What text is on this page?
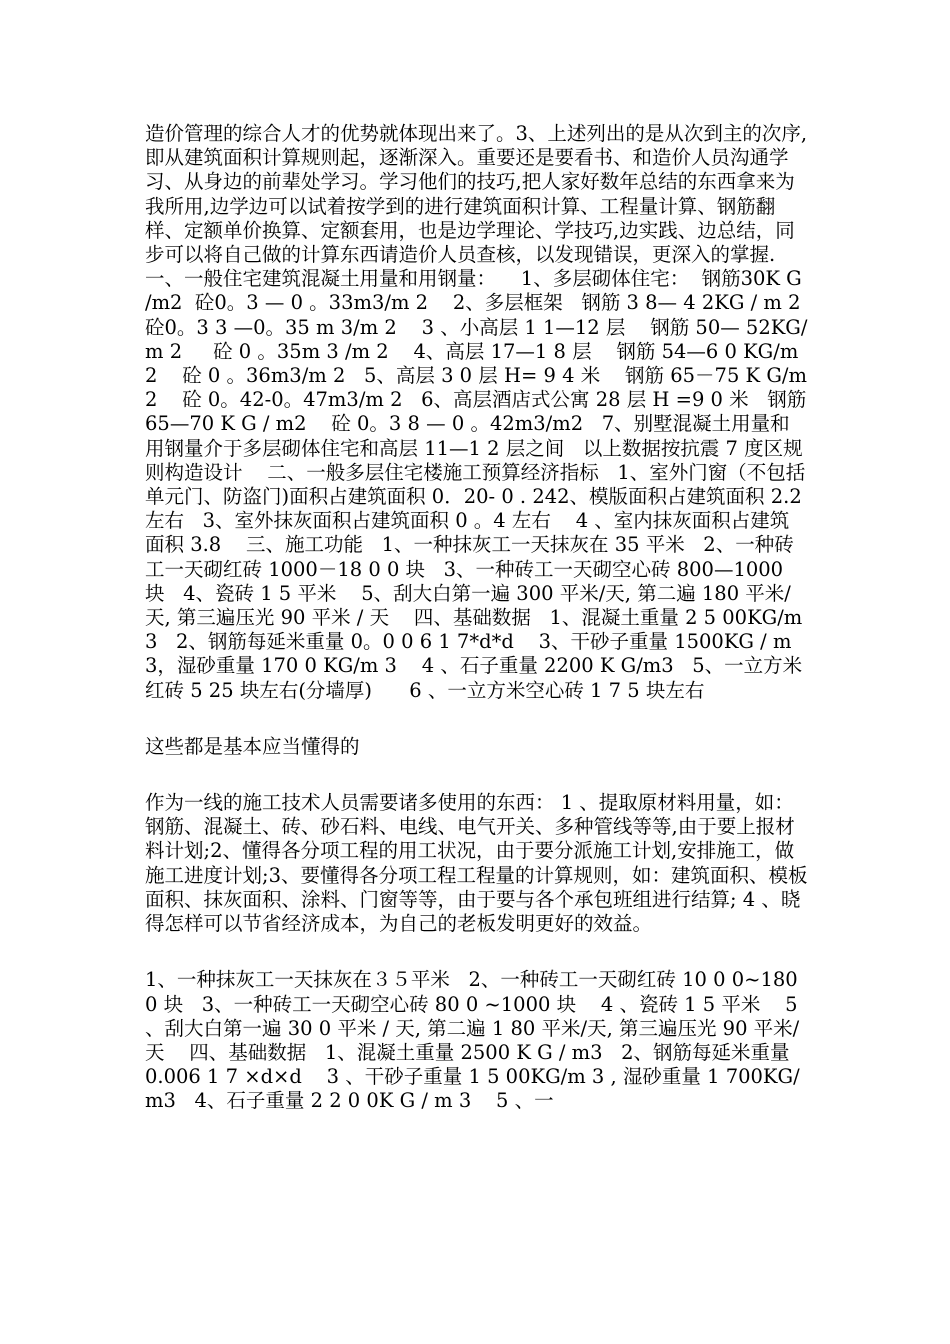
造价管理的综合人才的优势就体现出来了。3、上述列出的是从次到主的次序,即从建筑面积计算规则起，逐渐深入。重要还是要看书、和造价人员沟通学习、从身边的前辈处学习。学习他们的技巧,把人家好数年总结的东西拿来为我所用,边学边可以试着按学到的进行建筑面积计算、工程量计算、钢筋翻样、定额单价换算、定额套用，也是边学理论、学技巧,边实践、边总结，同步可以将自己做的计算东西请造价人员查核，以发现错误，更深入的掌握.一、一般住宅建筑混凝土用量和用钢量：    1、多层砌体住宅：  钢筋30K G /m2  砼0。3 — 0 。33m3/m 2    2、多层框架   钢筋 3 8— 4 2KG / m 2    砼0。3 3 —0。35 m 3/m 2    3 、小高层 1 1—12 层    钢筋 50— 52KG/m 2     砼 0 。35m 3 /m 2    4、高层 17—1 8 层    钢筋 54—6 0 KG/m 2    砼 0 。36m3/m 2   5、高层 3 0 层 H= 9 4 米    钢筋 65－75 K G/m 2    砼 0。42-0。47m3/m 2   6、高层酒店式公寓 28 层 H =9 0 米   钢筋 65—70 K G / m2    砼 0。3 8 — 0 。42m3/m2   7、别墅混凝土用量和用钢量介于多层砌体住宅和高层 11—1 2 层之间   以上数据按抗震 7 度区规则构造设计    二、一般多层住宅楼施工预算经济指标   1、室外门窗（不包括单元门、防盗门)面积占建筑面积 0．20- 0 . 242、模版面积占建筑面积 2.2 左右   3、室外抹灰面积占建筑面积 0 。4 左右    4 、室内抹灰面积占建筑面积 3.8    三、施工功能   1、一种抹灰工一天抹灰在 35 平米   2、一种砖工一天砌红砖 1000－18 0 0 块   3、一种砖工一天砌空心砖 800—1000 块   4、瓷砖 1 5 平米    5、刮大白第一遍 300 平米/天, 第二遍 180 平米/天, 第三遍压光 90 平米 / 天    四、基础数据   1、混凝土重量 2 5 00KG/m3   2、钢筋每延米重量 0。0 0 6 1 7*d*d    3、干砂子重量 1500KG / m3，湿砂重量 170 0 KG/m 3    4 、石子重量 2200 K G/m3   5、一立方米红砖 5 25 块左右(分墙厚)      6 、一立方米空心砖 1 7 5 块左右

这些都是基本应当懂得的

作为一线的施工技术人员需要诸多使用的东西： 1 、提取原材料用量，如：钢筋、混凝土、砖、砂石料、电线、电气开关、多种管线等等,由于要上报材料计划;2、懂得各分项工程的用工状况，由于要分派施工计划,安排施工，做施工进度计划;3、要懂得各分项工程工程量的计算规则，如：建筑面积、模板面积、抹灰面积、涂料、门窗等等，由于要与各个承包班组进行结算; 4 、晓得怎样可以节省经济成本，为自己的老板发明更好的效益。

1、一种抹灰工一天抹灰在３５平米   2、一种砖工一天砌红砖 10 0 0~1800 块   3、一种砖工一天砌空心砖 80 0 ~1000 块    4 、瓷砖 1 5 平米    5 、刮大白第一遍 30 0 平米 / 天, 第二遍 1 80 平米/天, 第三遍压光 90 平米/天    四、基础数据   1、混凝土重量 2500 K G / m3   2、钢筋每延米重量 0.006 1 7 ×d×d    3 、干砂子重量 1 5 00KG/m 3 , 湿砂重量 1 700KG/m3   4、石子重量 2 2 0 0K G / m 3    5 、一
